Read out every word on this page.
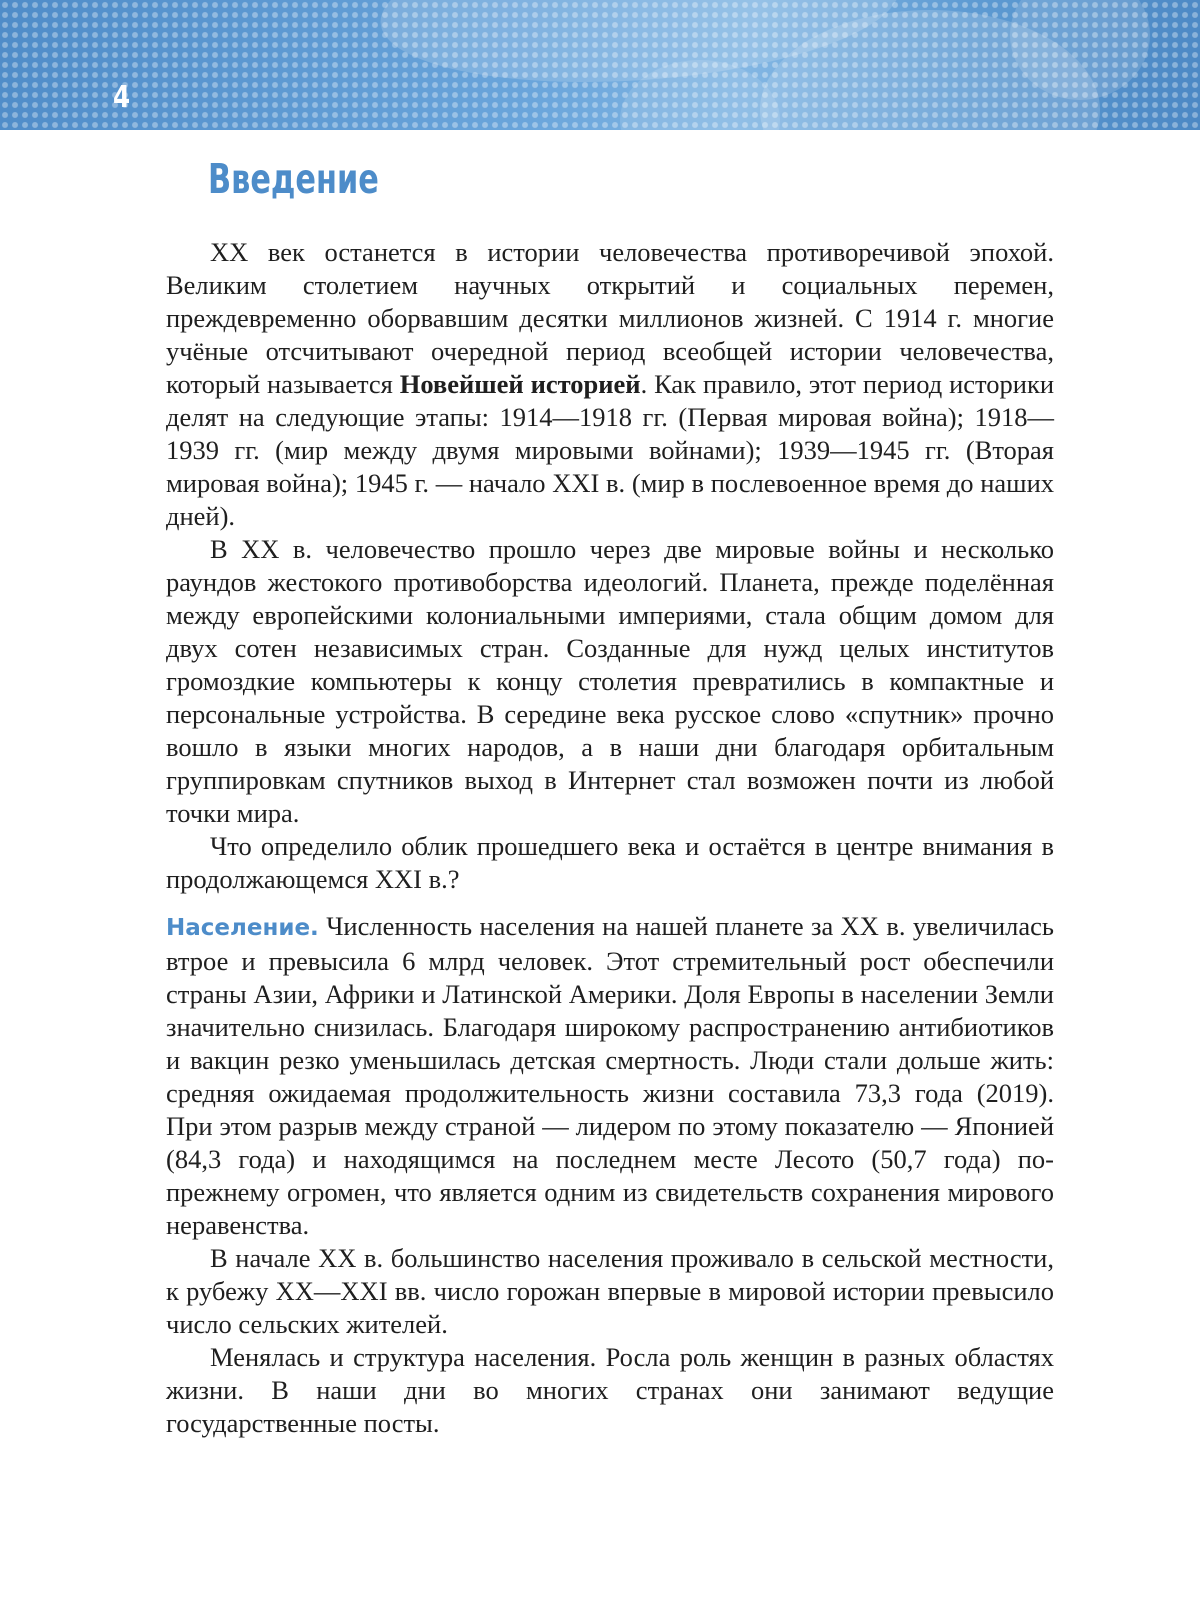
4
Введение

XX век останется в истории человечества противоречивой эпохой. Великим столетием научных открытий и социальных перемен, преждевременно оборвавшим десятки миллионов жизней. С 1914 г. многие учёные отсчитывают очередной период всеобщей истории человечества, который называется Новейшей историей. Как правило, этот период историки делят на следующие этапы: 1914—1918 гг. (Первая мировая война); 1918—1939 гг. (мир между двумя мировыми войнами); 1939—1945 гг. (Вторая мировая война); 1945 г. — начало XXI в. (мир в послевоенное время до наших дней).

В XX в. человечество прошло через две мировые войны и несколько раундов жестокого противоборства идеологий. Планета, прежде поделённая между европейскими колониальными империями, стала общим домом для двух сотен независимых стран. Созданные для нужд целых институтов громоздкие компьютеры к концу столетия превратились в компактные и персональные устройства. В середине века русское слово «спутник» прочно вошло в языки многих народов, а в наши дни благодаря орбитальным группировкам спутников выход в Интернет стал возможен почти из любой точки мира.

Что определило облик прошедшего века и остаётся в центре внимания в продолжающемся XXI в.?

Население. Численность населения на нашей планете за XX в. увеличилась втрое и превысила 6 млрд человек. Этот стремительный рост обеспечили страны Азии, Африки и Латинской Америки. Доля Европы в населении Земли значительно снизилась. Благодаря широкому распространению антибиотиков и вакцин резко уменьшилась детская смертность. Люди стали дольше жить: средняя ожидаемая продолжительность жизни составила 73,3 года (2019). При этом разрыв между страной — лидером по этому показателю — Японией (84,3 года) и находящимся на последнем месте Лесото (50,7 года) по-прежнему огромен, что является одним из свидетельств сохранения мирового неравенства.

В начале XX в. большинство населения проживало в сельской местности, к рубежу XX—XXI вв. число горожан впервые в мировой истории превысило число сельских жителей.

Менялась и структура населения. Росла роль женщин в разных областях жизни. В наши дни во многих странах они занимают ведущие государственные посты.
